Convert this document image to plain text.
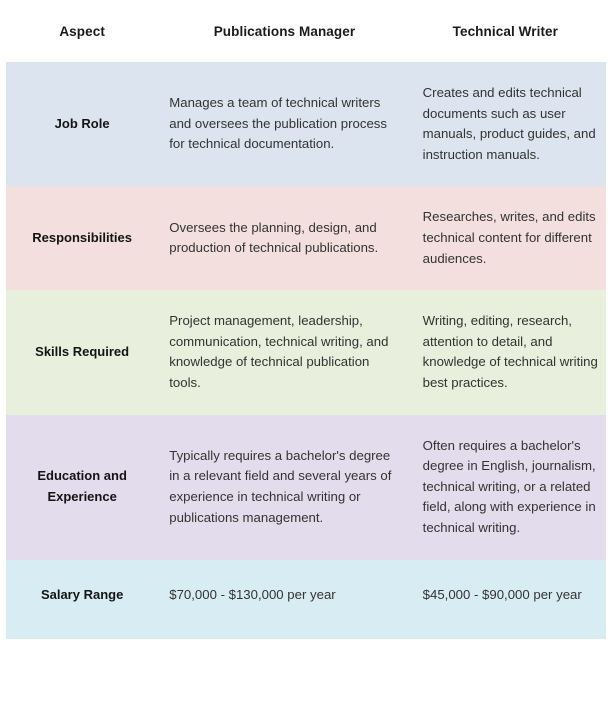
Aspect	Publications Manager	Technical Writer
Job Role	Manages a team of technical writers and oversees the publication process for technical documentation.	Creates and edits technical documents such as user manuals, product guides, and instruction manuals.
Responsibilities	Oversees the planning, design, and production of technical publications.	Researches, writes, and edits technical content for different audiences.
Skills Required	Project management, leadership, communication, technical writing, and knowledge of technical publication tools.	Writing, editing, research, attention to detail, and knowledge of technical writing best practices.
Education and Experience	Typically requires a bachelor's degree in a relevant field and several years of experience in technical writing or publications management.	Often requires a bachelor's degree in English, journalism, technical writing, or a related field, along with experience in technical writing.
Salary Range	$70,000 - $130,000 per year	$45,000 - $90,000 per year
